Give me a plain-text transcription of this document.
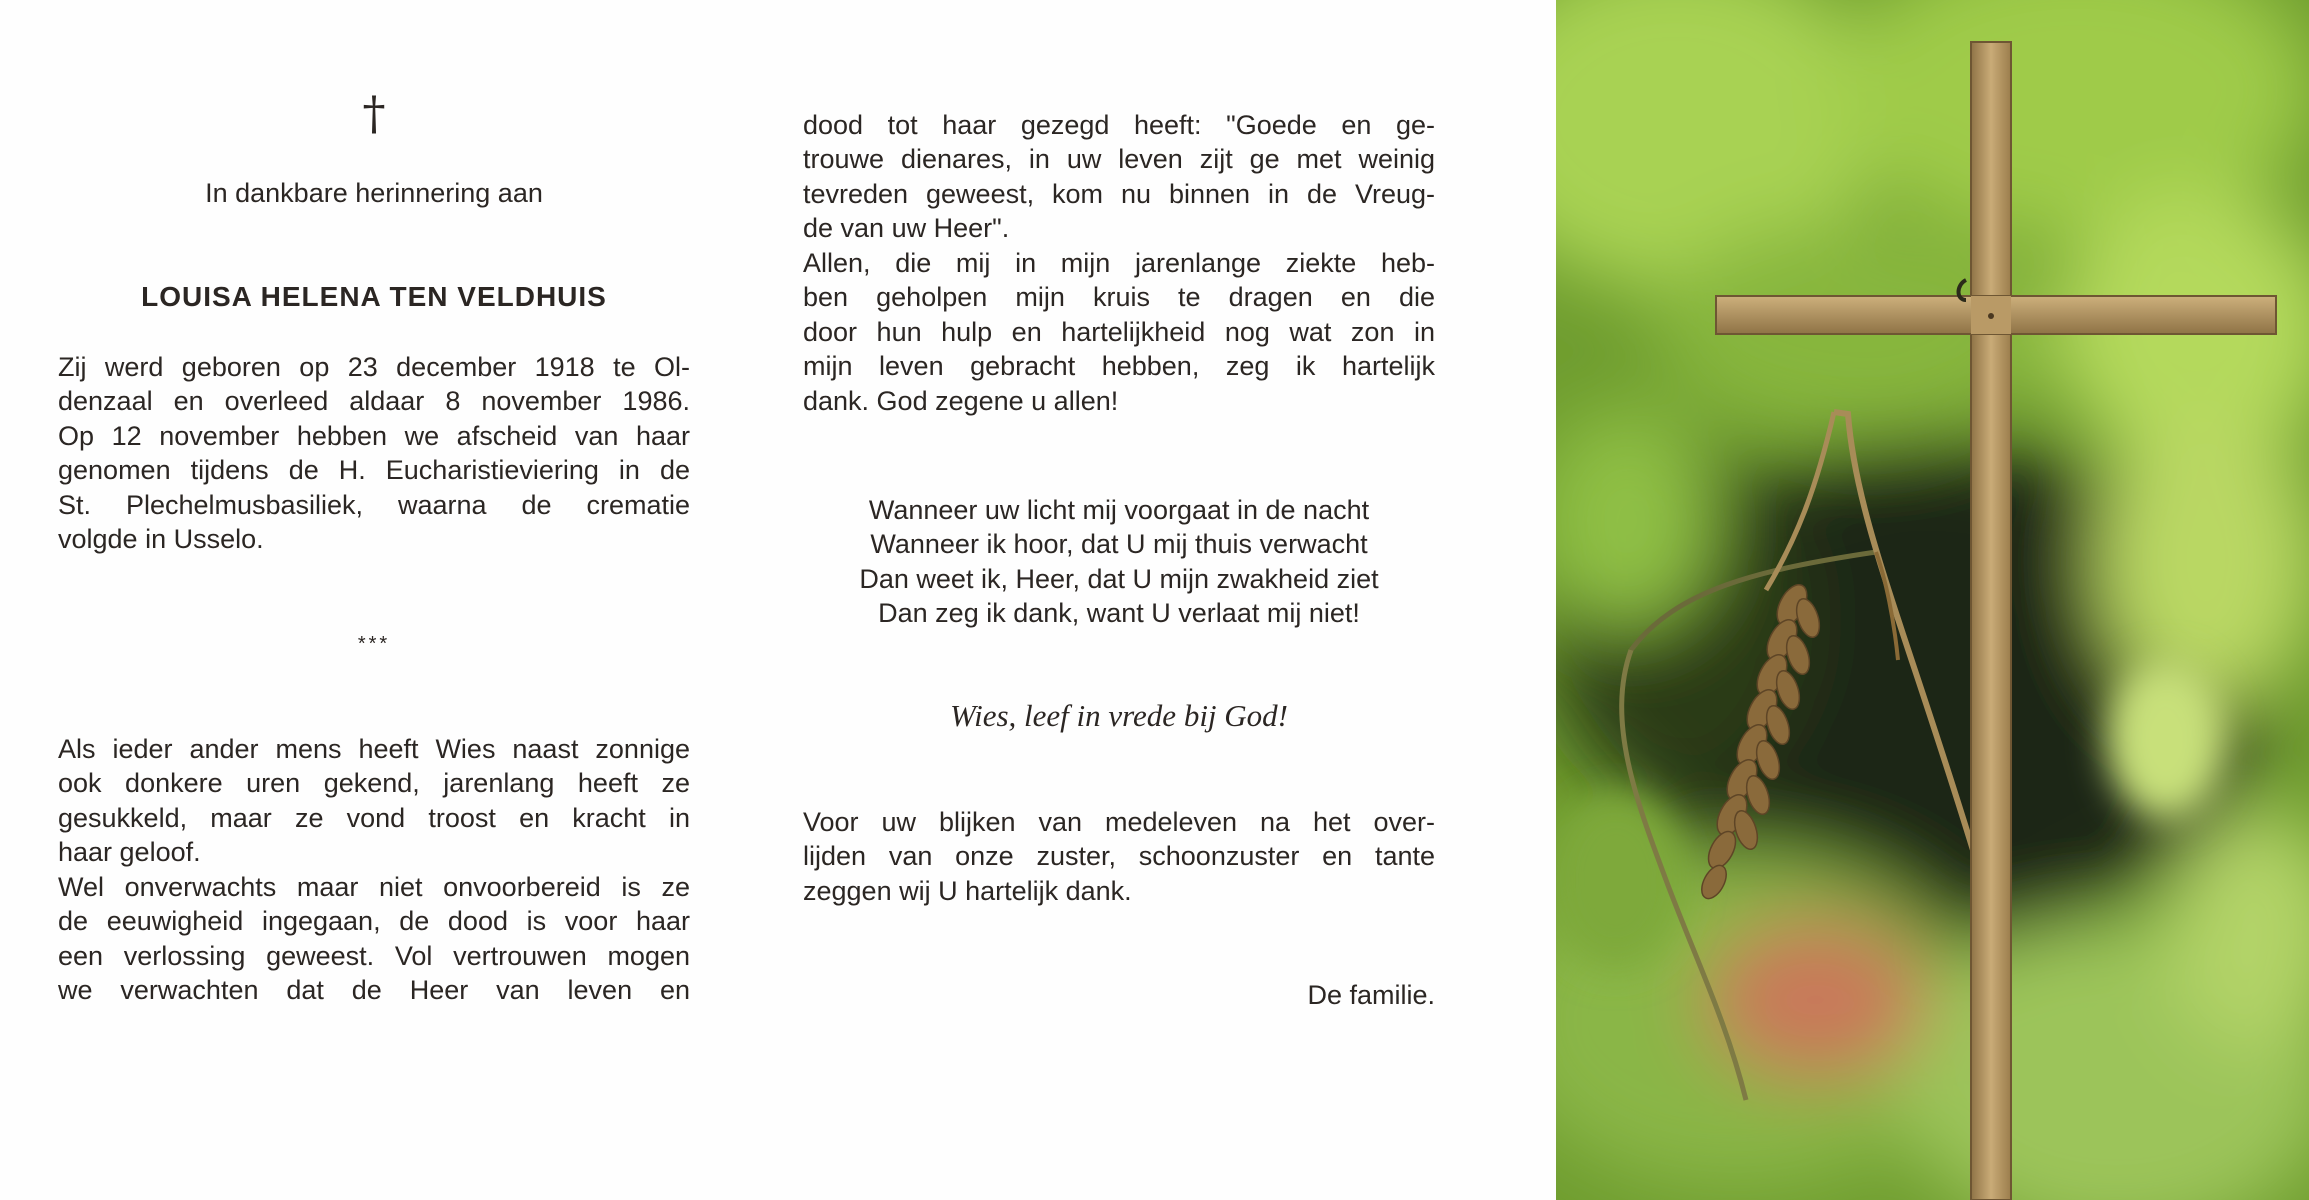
†

In dankbare herinnering aan

LOUISA HELENA TEN VELDHUIS

Zij werd geboren op 23 december 1918 te Ol-

denzaal en overleed aldaar 8 november 1986.

Op 12 november hebben we afscheid van haar

genomen tijdens de H. Eucharistieviering in de

St. Plechelmusbasiliek, waarna de crematie

volgde in Usselo.

***

Als ieder ander mens heeft Wies naast zonnige

ook donkere uren gekend, jarenlang heeft ze

gesukkeld, maar ze vond troost en kracht in

haar geloof.

Wel onverwachts maar niet onvoorbereid is ze

de eeuwigheid ingegaan, de dood is voor haar

een verlossing geweest. Vol vertrouwen mogen

we verwachten dat de Heer van leven en

dood tot haar gezegd heeft: "Goede en ge-

trouwe dienares, in uw leven zijt ge met weinig

tevreden geweest, kom nu binnen in de Vreug-

de van uw Heer".

Allen, die mij in mijn jarenlange ziekte heb-

ben geholpen mijn kruis te dragen en die

door hun hulp en hartelijkheid nog wat zon in

mijn leven gebracht hebben, zeg ik hartelijk

dank. God zegene u allen!

Wanneer uw licht mij voorgaat in de nacht

Wanneer ik hoor, dat U mij thuis verwacht

Dan weet ik, Heer, dat U mijn zwakheid ziet

Dan zeg ik dank, want U verlaat mij niet!

Wies, leef in vrede bij God!

Voor uw blijken van medeleven na het over-

lijden van onze zuster, schoonzuster en tante

zeggen wij U hartelijk dank.

De familie.
